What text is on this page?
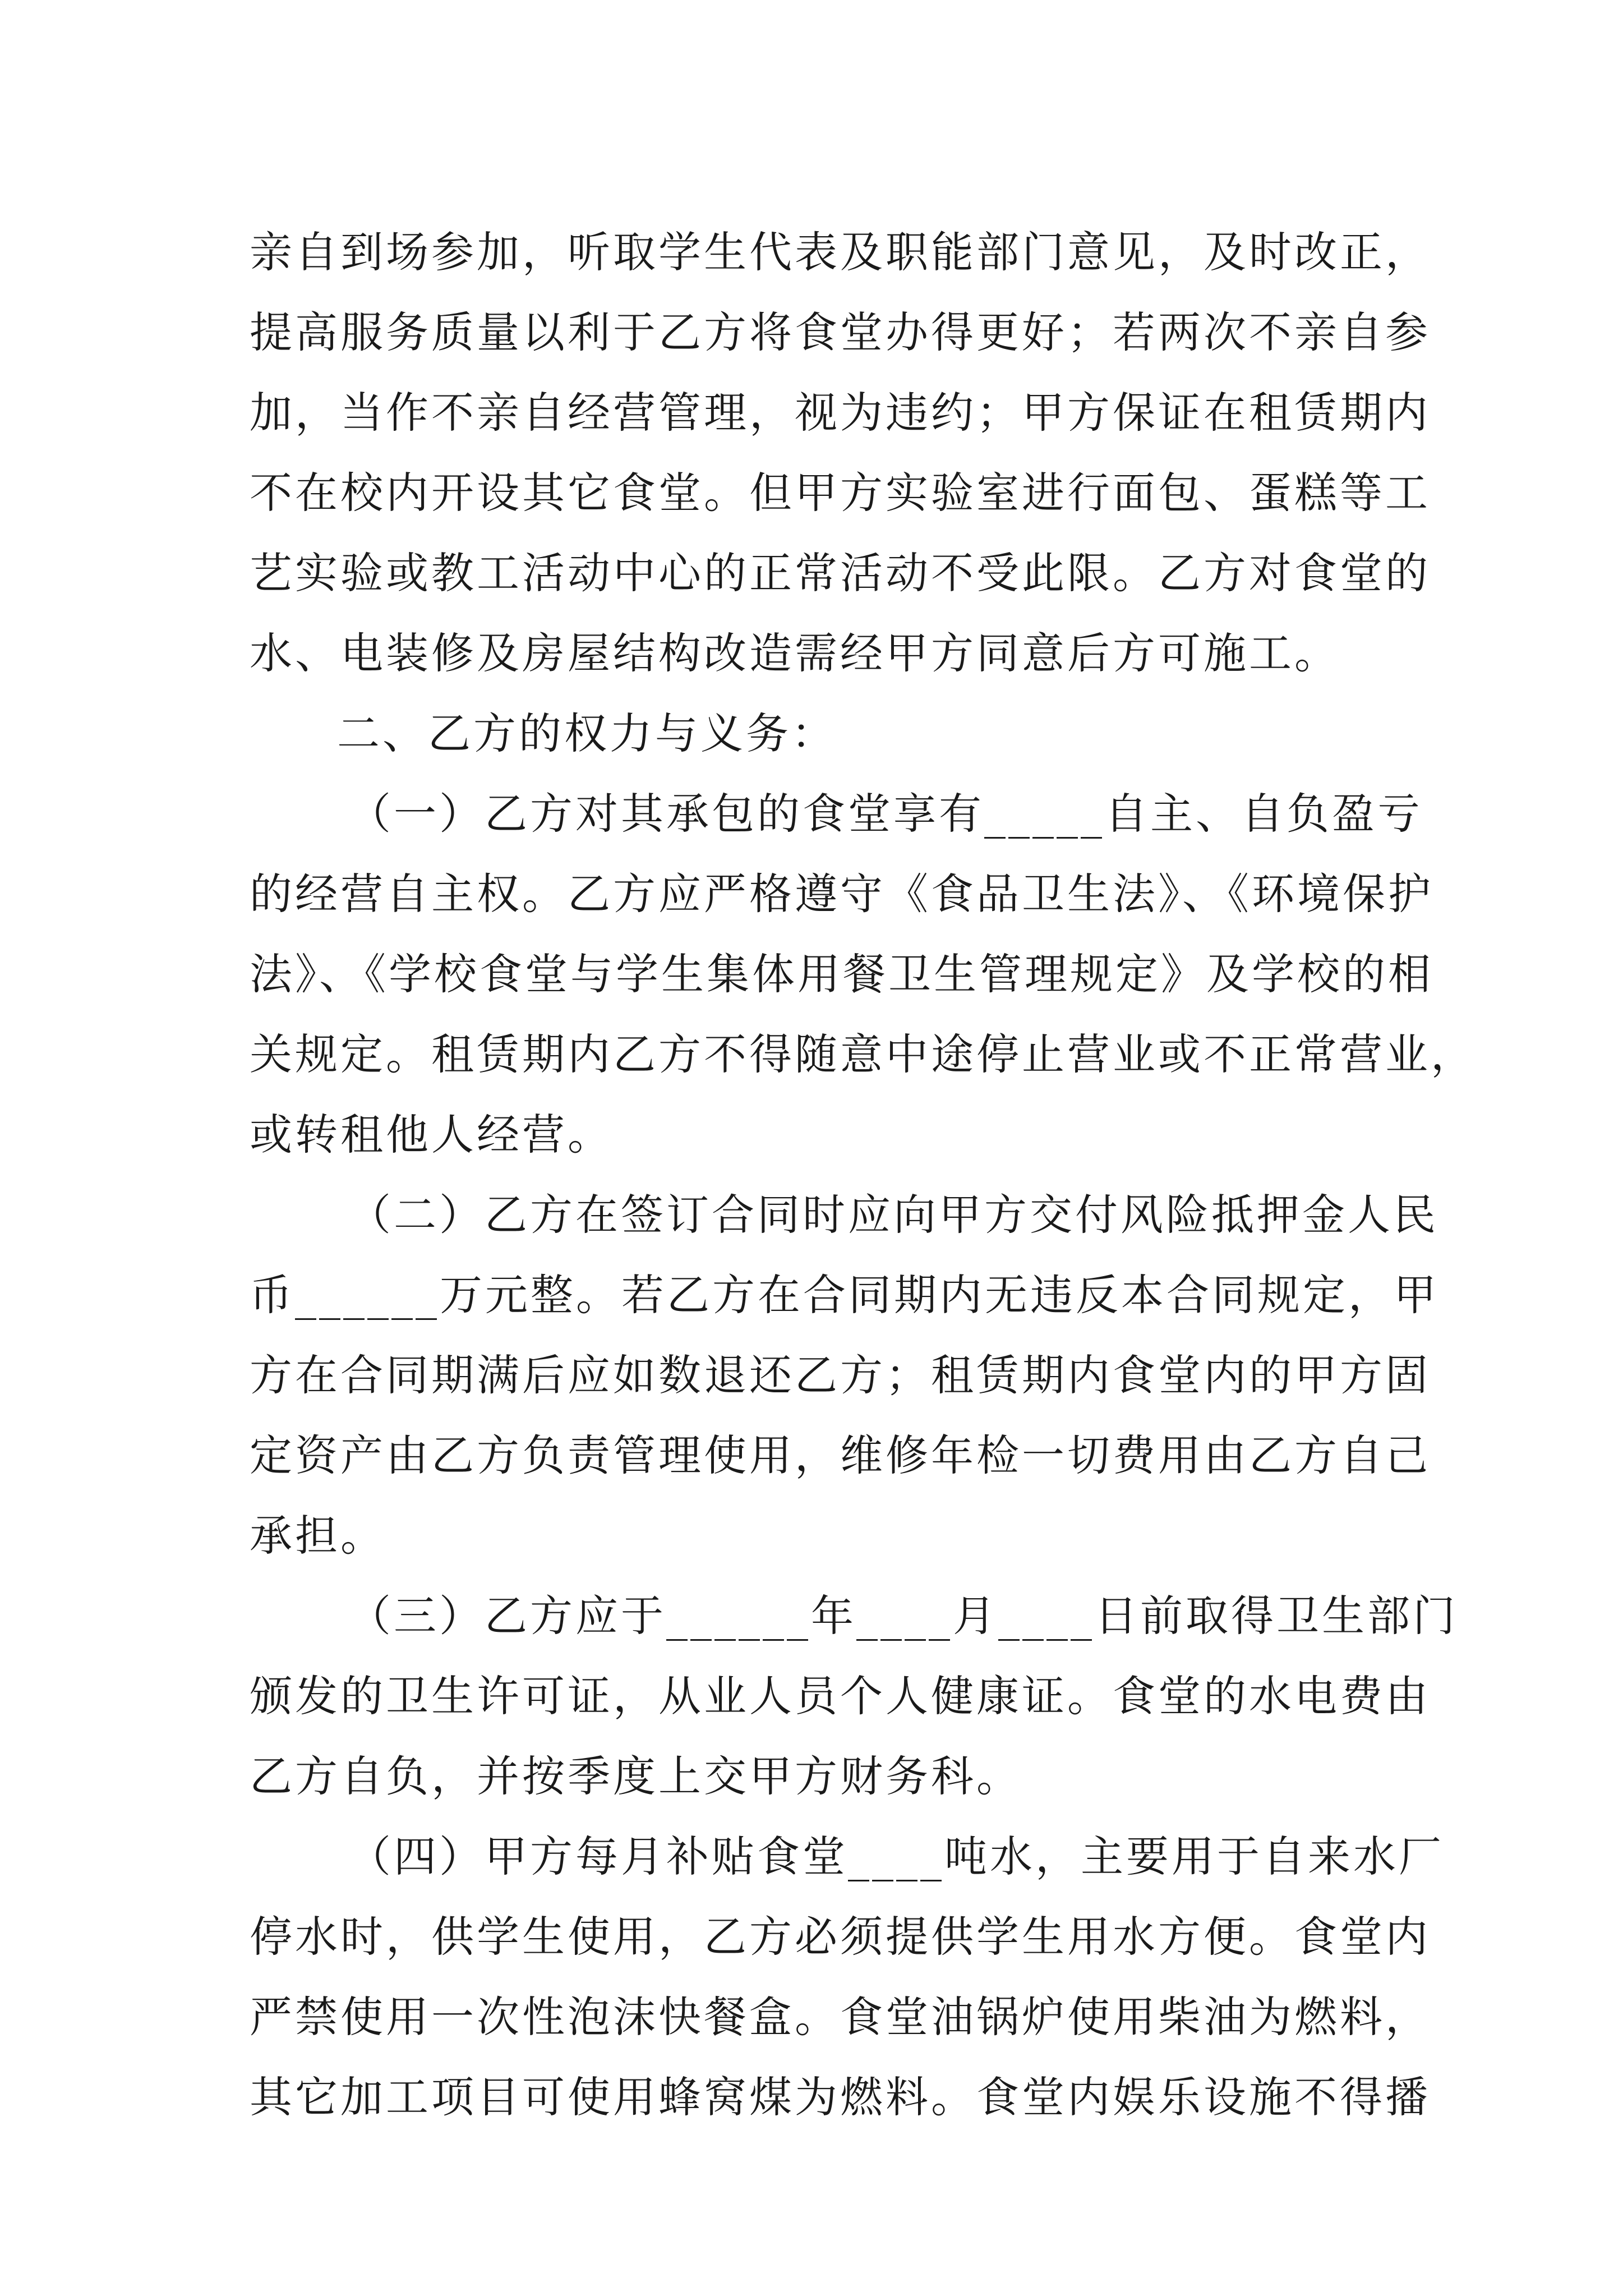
亲自到场参加，听取学生代表及职能部门意见，及时改正，
提高服务质量以利于乙方将食堂办得更好；若两次不亲自参
加，当作不亲自经营管理，视为违约；甲方保证在租赁期内
不在校内开设其它食堂。但甲方实验室进行面包、蛋糕等工
艺实验或教工活动中心的正常活动不受此限。乙方对食堂的
水、电装修及房屋结构改造需经甲方同意后方可施工。
二、乙方的权力与义务：
（一）乙方对其承包的食堂享有_____自主、自负盈亏
的经营自主权。乙方应严格遵守《食品卫生法》、《环境保护
法》、《学校食堂与学生集体用餐卫生管理规定》及学校的相
关规定。租赁期内乙方不得随意中途停止营业或不正常营业，
或转租他人经营。
（二）乙方在签订合同时应向甲方交付风险抵押金人民
币______万元整。若乙方在合同期内无违反本合同规定，甲
方在合同期满后应如数退还乙方；租赁期内食堂内的甲方固
定资产由乙方负责管理使用，维修年检一切费用由乙方自己
承担。
（三）乙方应于______年____月____日前取得卫生部门
颁发的卫生许可证，从业人员个人健康证。食堂的水电费由
乙方自负，并按季度上交甲方财务科。
（四）甲方每月补贴食堂____吨水，主要用于自来水厂
停水时，供学生使用，乙方必须提供学生用水方便。食堂内
严禁使用一次性泡沫快餐盒。食堂油锅炉使用柴油为燃料，
其它加工项目可使用蜂窝煤为燃料。食堂内娱乐设施不得播
